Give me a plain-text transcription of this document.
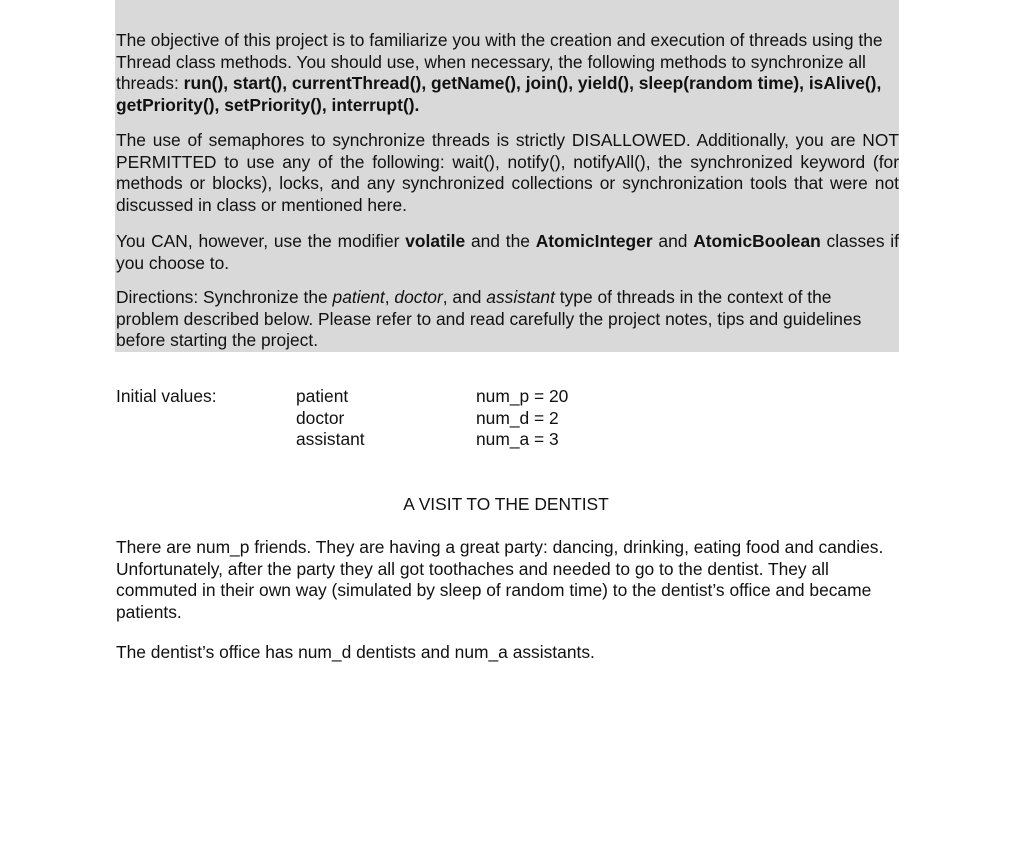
The objective of this project is to familiarize you with the creation and execution of threads using the Thread class methods. You should use, when necessary, the following methods to synchronize all threads: run(), start(), currentThread(), getName(), join(), yield(), sleep(random time), isAlive(), getPriority(), setPriority(), interrupt().

The use of semaphores to synchronize threads is strictly DISALLOWED. Additionally, you are NOT PERMITTED to use any of the following: wait(), notify(), notifyAll(), the synchronized keyword (for methods or blocks), locks, and any synchronized collections or synchronization tools that were not discussed in class or mentioned here.

You CAN, however, use the modifier volatile and the AtomicInteger and AtomicBoolean classes if you choose to.

Directions: Synchronize the patient, doctor, and assistant type of threads in the context of the problem described below. Please refer to and read carefully the project notes, tips and guidelines before starting the project.

Initial values:	patient
doctor
assistant
num_p = 20
num_d = 2
num_a = 3
A VISIT TO THE DENTIST

There are num_p friends. They are having a great party: dancing, drinking, eating food and candies. Unfortunately, after the party they all got toothaches and needed to go to the dentist. They all commuted in their own way (simulated by sleep of random time) to the dentist’s office and became patients.

The dentist’s office has num_d dentists and num_a assistants.
